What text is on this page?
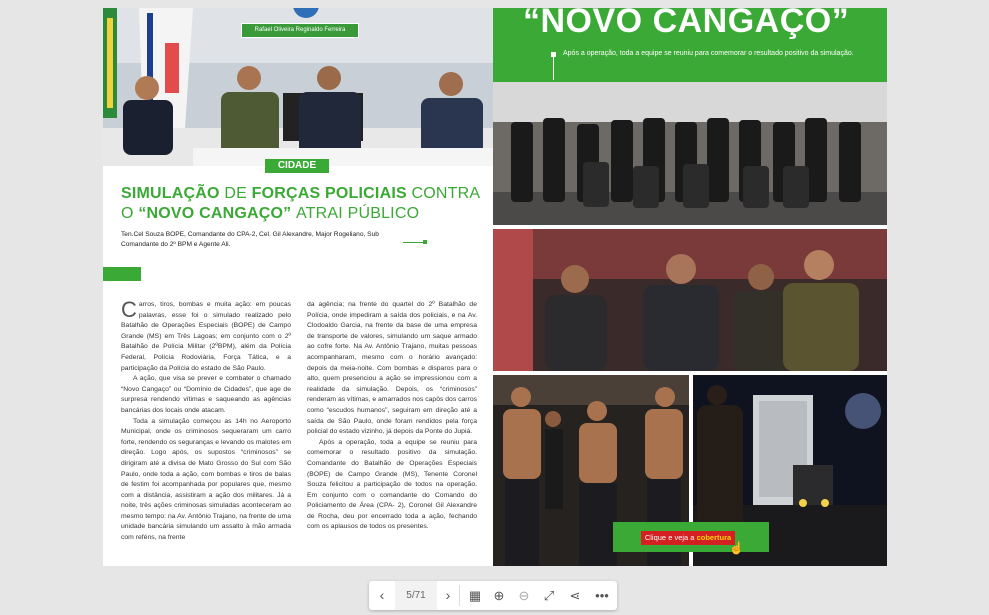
Rafael Oliveira Reginaldo Ferreira
CIDADE
SIMULAÇÃO DE FORÇAS POLICIAIS CONTRA
O “NOVO CANGAÇO” ATRAI PÚBLICO
Ten.Cel Souza BOPE, Comandante do CPA-2, Cel. Gil Alexandre, Major Rogeliano, Sub Comandante do 2º BPM e Agente Ali.
C arros, tiros, bombas e muita ação: em poucas palavras, esse foi o simulado realizado pelo Batalhão de Operações Especiais (BOPE) de Campo Grande (MS) em Três Lagoas; em conjunto com o 2º Batalhão de Polícia Militar (2ºBPM), além da Polícia Federal, Polícia Rodoviária, Força Tática, e a participação da Polícia do estado de São Paulo.

A ação, que visa se prever e combater o chamado “Novo Cangaço” ou “Domínio de Cidades”, que age de surpresa rendendo vítimas e saqueando as agências bancárias dos locais onde atacam.

Toda a simulação começou as 14h no Aeroporto Municipal, onde os criminosos sequeraram um carro forte, rendendo os seguranças e levando os malotes em direção. Logo após, os supostos “criminosos” se dirigiram até a divisa de Mato Grosso do Sul com São Paulo, onde toda a ação, com bombas e tiros de balas de festim foi acompanhada por populares que, mesmo com a distância, assistiram a ação dos militares. Já a noite, três ações criminosas simuladas aconteceram ao mesmo tempo: na Av. Antônio Trajano, na frente de uma unidade bancária simulando um assalto à mão armada com reféns, na frente

da agência; na frente do quartel do 2º Batalhão de Polícia, onde impediram a saída dos policiais, e na Av. Clodoaldo Garcia, na frente da base de uma empresa de transporte de valores, simulando um saque armado ao cofre forte. Na Av. Antônio Trajano, muitas pessoas acompanharam, mesmo com o horário avançado: depois da meia-noite. Com bombas e disparos para o alto, quem presenciou a ação se impressionou com a realidade da simulação. Depois, os “criminosos” renderam as vítimas, e amarrados nos capôs dos carros como “escudos humanos”, seguiram em direção até a saída de São Paulo, onde foram rendidos pela força policial do estado vizinho, já depois da Ponte do Jupiá.

Após a operação, toda a equipe se reuniu para comemorar o resultado positivo da simulação. Comandante do Batalhão de Operações Especiais (BOPE) de Campo Grande (MS), Tenente Coronel Souza felicitou a participação de todos na operação. Em conjunto com o comandante do Comando do Policiamento de Área (CPA- 2), Coronel Gil Alexandre de Rocha, deu por encerrado toda a ação, fechando com os aplausos de todos os presentes.

“NOVO CANGAÇO”
Após a operação, toda a equipe se reuniu para comemorar o resultado positivo da simulação.
Clique e veja a cobertura
☝
‹	5/71	›	▦ ⊕	⊖	⤢	⋖	•••
